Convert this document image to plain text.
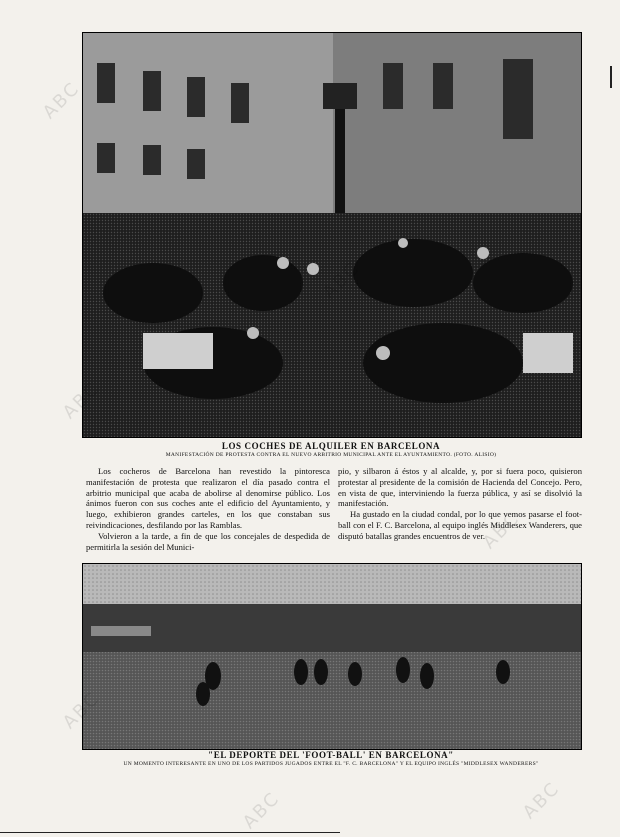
LOS COCHES DE ALQUILER EN BARCELONA
MANIFESTACIÓN DE PROTESTA CONTRA EL NUEVO ARBITRIO MUNICIPAL ANTE EL AYUNTAMIENTO. (FOTO. ALISIO)

Los cocheros de Barcelona han revestido la pintoresca manifestación de protesta que realizaron el día pasado contra el arbitrio municipal que acaba de abolirse al denomirse público. Los ánimos fueron con sus coches ante el edificio del Ayuntamiento, y luego, exhibieron grandes carteles, en los que constaban sus reivindicaciones, desfilando por las Ramblas.

Volvieron a la tarde, a fin de que los concejales de despedida de permitirla la sesión del Munici-

pio, y silbaron á éstos y al alcalde, y, por si fuera poco, quisieron protestar al presidente de la comisión de Hacienda del Concejo. Pero, en vista de que, interviniendo la fuerza pública, y así se disolvió la manifestación.

Ha gustado en la ciudad condal, por lo que vemos pasarse el foot-ball con el F. C. Barcelona, al equipo inglés Middlesex Wanderers, que disputó batallas grandes encuentros de ver.

"EL DEPORTE DEL 'FOOT-BALL' EN BARCELONA"
UN MOMENTO INTERESANTE EN UNO DE LOS PARTIDOS JUGADOS ENTRE EL "F. C. BARCELONA" Y EL EQUIPO INGLÉS "MIDDLESEX WANDERERS"
ABC
ABC
ABC	ABC
